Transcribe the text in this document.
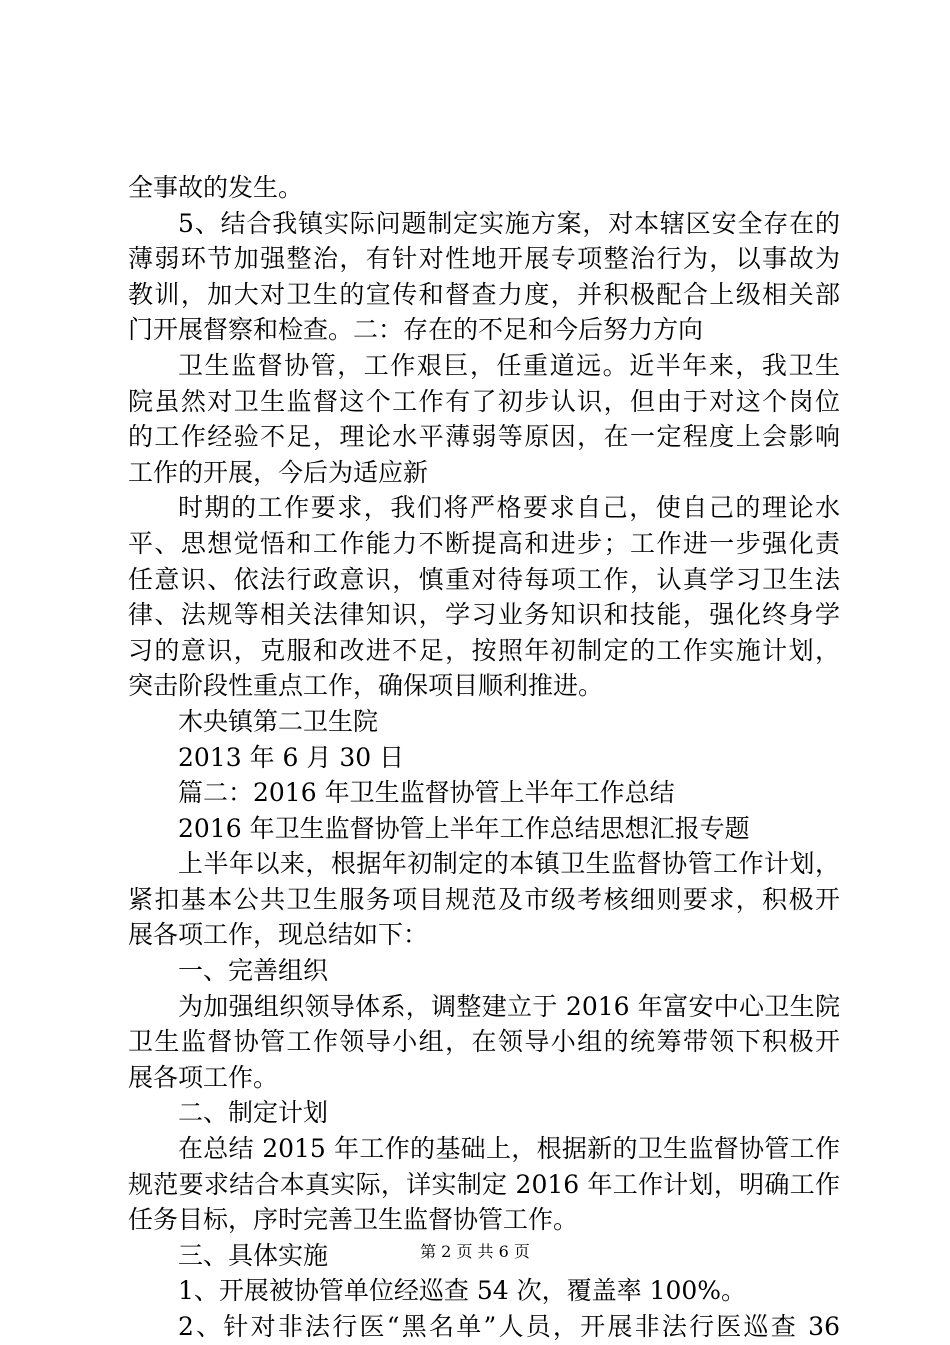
全事故的发生。
5、结合我镇实际问题制定实施方案，对本辖区安全存在的
薄弱环节加强整治，有针对性地开展专项整治行为，以事故为
教训，加大对卫生的宣传和督查力度，并积极配合上级相关部
门开展督察和检查。二：存在的不足和今后努力方向
卫生监督协管，工作艰巨，任重道远。近半年来，我卫生
院虽然对卫生监督这个工作有了初步认识，但由于对这个岗位
的工作经验不足，理论水平薄弱等原因，在一定程度上会影响
工作的开展，今后为适应新
时期的工作要求，我们将严格要求自己，使自己的理论水
平、思想觉悟和工作能力不断提高和进步；工作进一步强化责
任意识、依法行政意识，慎重对待每项工作，认真学习卫生法
律、法规等相关法律知识，学习业务知识和技能，强化终身学
习的意识，克服和改进不足，按照年初制定的工作实施计划，
突击阶段性重点工作，确保项目顺利推进。
木央镇第二卫生院
2013 年 6 月 30 日
篇二：2016 年卫生监督协管上半年工作总结
2016 年卫生监督协管上半年工作总结思想汇报专题
上半年以来，根据年初制定的本镇卫生监督协管工作计划，
紧扣基本公共卫生服务项目规范及市级考核细则要求，积极开
展各项工作，现总结如下：
一、完善组织
为加强组织领导体系，调整建立于 2016 年富安中心卫生院
卫生监督协管工作领导小组，在领导小组的统筹带领下积极开
展各项工作。
二、制定计划
在总结 2015 年工作的基础上，根据新的卫生监督协管工作
规范要求结合本真实际，详实制定 2016 年工作计划，明确工作
任务目标，序时完善卫生监督协管工作。
三、具体实施
1、开展被协管单位经巡查 54 次，覆盖率 100%。
2、针对非法行医“黑名单”人员，开展非法行医巡查 36
第 2 页 共 6 页
